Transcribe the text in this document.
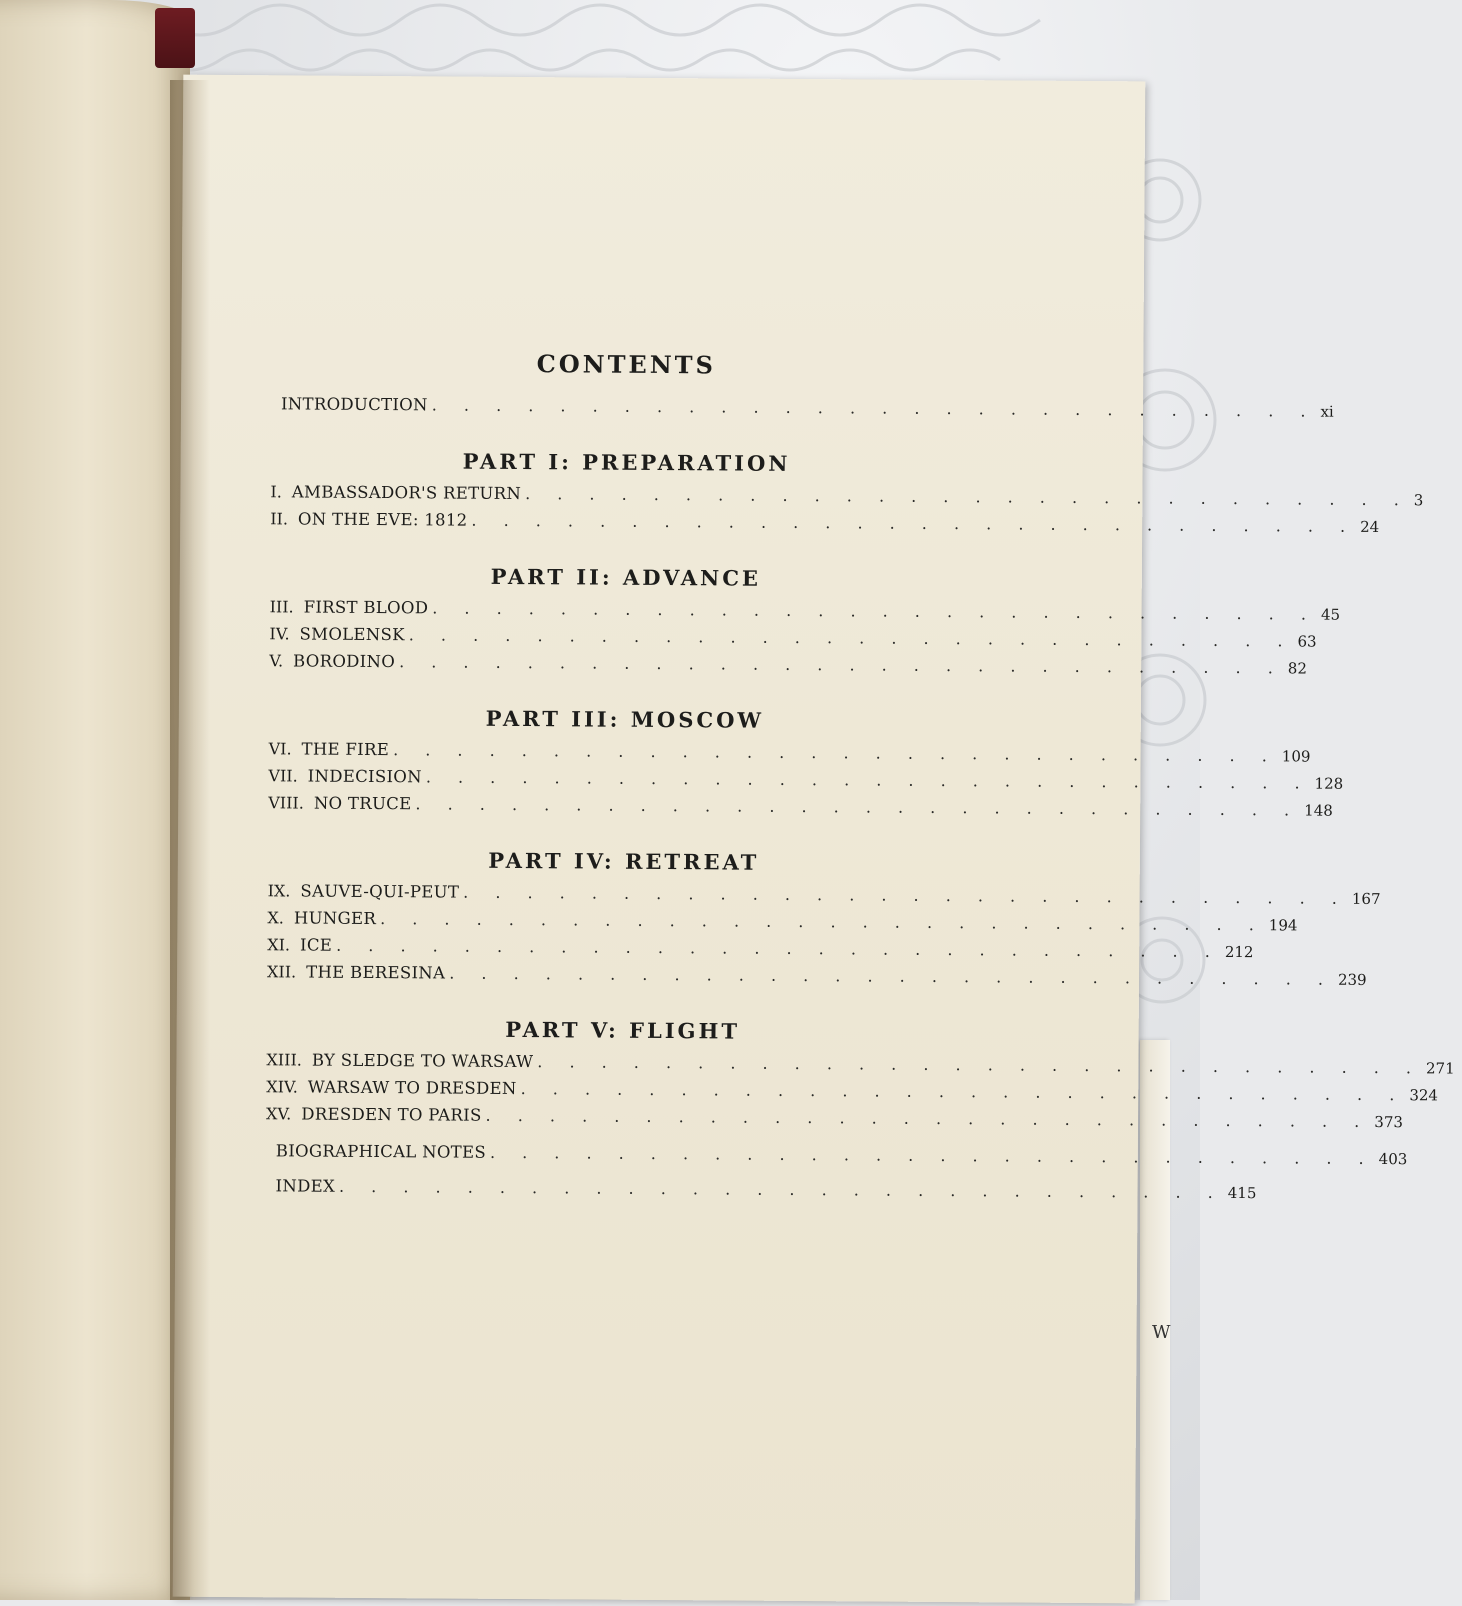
W
CONTENTS
INTRODUCTION . . . . . . . . . . . . . . . . . . . . . . . . . . . . xi
PART I: PREPARATION
I. AMBASSADOR'S RETURN . . . . . . . . . . . . . . . . . . . . . . . . . . . . 3
II. ON THE EVE: 1812 . . . . . . . . . . . . . . . . . . . . . . . . . . . . 24
PART II: ADVANCE
III. FIRST BLOOD . . . . . . . . . . . . . . . . . . . . . . . . . . . . 45
IV. SMOLENSK . . . . . . . . . . . . . . . . . . . . . . . . . . . . 63
V. BORODINO . . . . . . . . . . . . . . . . . . . . . . . . . . . . 82
PART III: MOSCOW
VI. THE FIRE . . . . . . . . . . . . . . . . . . . . . . . . . . . . 109
VII. INDECISION . . . . . . . . . . . . . . . . . . . . . . . . . . . . 128
VIII. NO TRUCE . . . . . . . . . . . . . . . . . . . . . . . . . . . . 148
PART IV: RETREAT
IX. SAUVE-QUI-PEUT . . . . . . . . . . . . . . . . . . . . . . . . . . . . 167
X. HUNGER . . . . . . . . . . . . . . . . . . . . . . . . . . . . 194
XI. ICE . . . . . . . . . . . . . . . . . . . . . . . . . . . . 212
XII. THE BERESINA . . . . . . . . . . . . . . . . . . . . . . . . . . . . 239
PART V: FLIGHT
XIII. BY SLEDGE TO WARSAW . . . . . . . . . . . . . . . . . . . . . . . . . . . . 271
XIV. WARSAW TO DRESDEN . . . . . . . . . . . . . . . . . . . . . . . . . . . . 324
XV. DRESDEN TO PARIS . . . . . . . . . . . . . . . . . . . . . . . . . . . . 373
BIOGRAPHICAL NOTES . . . . . . . . . . . . . . . . . . . . . . . . . . . . 403
INDEX . . . . . . . . . . . . . . . . . . . . . . . . . . . . 415
